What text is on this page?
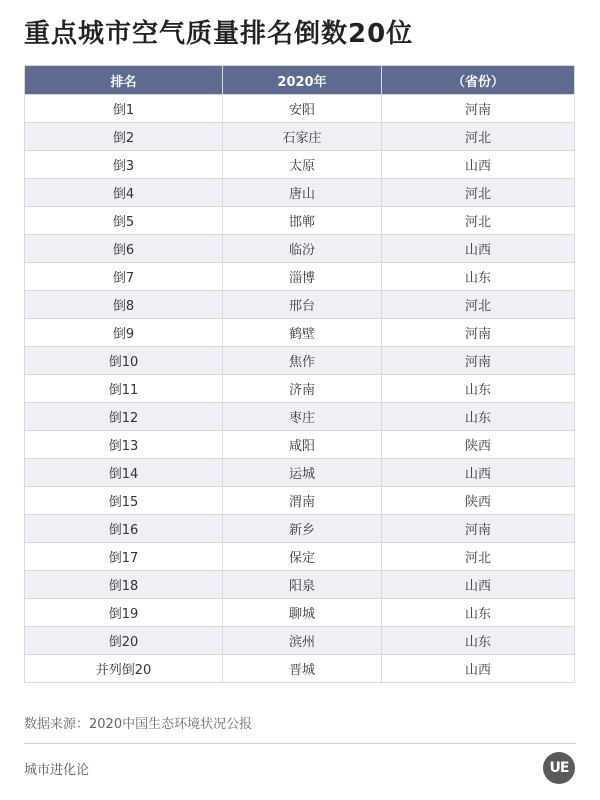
重点城市空气质量排名倒数20位
排名	2020年	（省份）
倒1	安阳	河南
倒2	石家庄	河北
倒3	太原	山西
倒4	唐山	河北
倒5	邯郸	河北
倒6	临汾	山西
倒7	淄博	山东
倒8	邢台	河北
倒9	鹤壁	河南
倒10	焦作	河南
倒11	济南	山东
倒12	枣庄	山东
倒13	咸阳	陕西
倒14	运城	山西
倒15	渭南	陕西
倒16	新乡	河南
倒17	保定	河北
倒18	阳泉	山西
倒19	聊城	山东
倒20	滨州	山东
并列倒20	晋城	山西
数据来源：2020中国生态环境状况公报
城市进化论	UE
